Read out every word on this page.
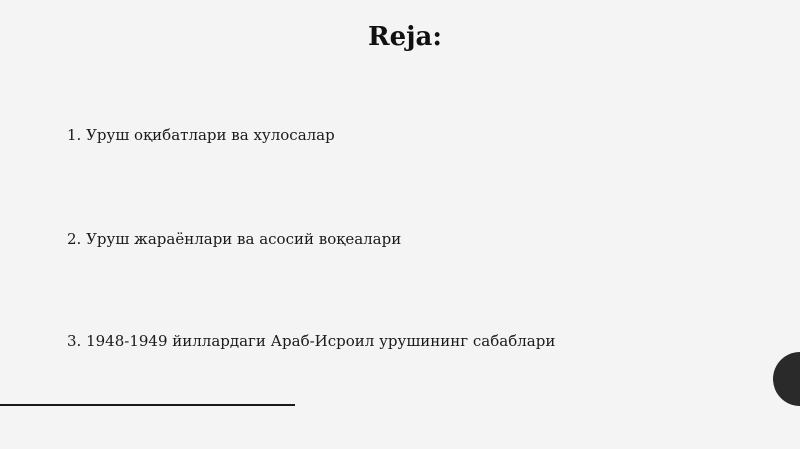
Reja:
1. Уруш оқибатлари ва хулосалар
2. Уруш жараёнлари ва асосий воқеалари
3. 1948-1949 йиллардаги Араб-Исроил урушининг сабаблари
